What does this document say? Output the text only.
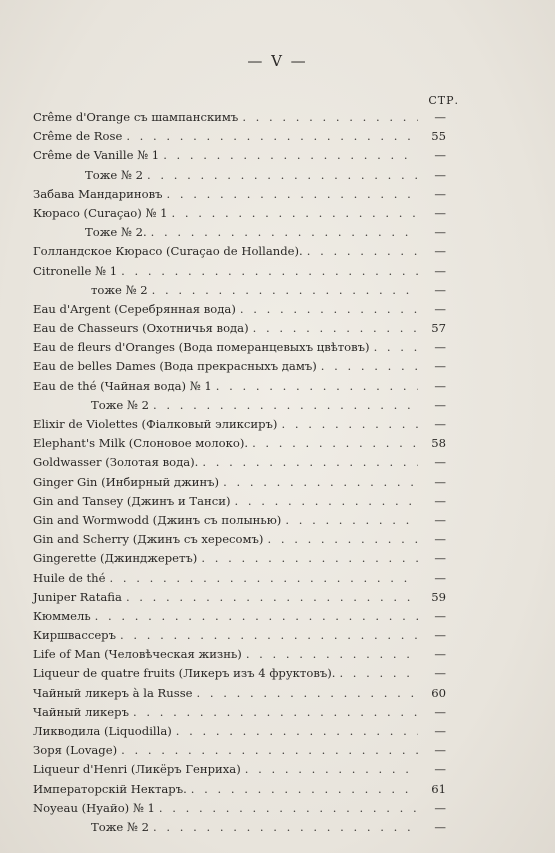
— V —
СТР.
Crême d'Orange съ шампанскимъ . . .	—
Crême de Rose . . .	55
Crême de Vanille № 1 . . .	—
Тоже № 2 . . .	—
Забава Мандариновъ . . .	—
Кюрасо (Curaçao) № 1 . . .	—
Тоже № 2. . . .	—
Голландское Кюрасо (Curaçao de Hollande). . . .	—
Citronelle № 1 . . .	—
тоже № 2 . . .	—
Eau d'Argent (Серебрянная вода) . . .	—
Eau de Chasseurs (Охотничья вода) . . .	57
Eau de fleurs d'Oranges (Вода померанцевыхъ цвѣтовъ) . . .	—
Eau de belles Dames (Вода прекрасныхъ дамъ) . . .	—
Eau de thé (Чайная вода) № 1 . . .	—
Тоже № 2 . . .	—
Elixir de Violettes (Фіалковый эликсиръ) . . .	—
Elephant's Milk (Слоновое молоко). . . .	58
Goldwasser (Золотая вода). . . .	—
Ginger Gin (Инбирный джинъ) . . .	—
Gin and Tansey (Джинъ и Танси) . . .	—
Gin and Wormwodd (Джинъ съ полынью) . . .	—
Gin and Scherry (Джинъ съ хересомъ) . . .	—
Gingerette (Джинджеретъ) . . .	—
Huile de thé . . .	—
Juniper Ratafia . . .	59
Кюммель . . .	—
Киршвассеръ . . .	—
Life of Man (Человѣческая жизнь) . . .	—
Liqueur de quatre fruits (Ликеръ изъ 4 фруктовъ). . . .	—
Чайный ликеръ à la Russe . . .	60
Чайный ликеръ . . .	—
Ликводила (Liquodilla) . . .	—
Зоря (Lovage) . . .	—
Liqueur d'Henri (Ликёръ Генриха) . . .	—
Императорскій Нектаръ. . . .	61
Noyeau (Нуайо) № 1 . . .	—
Тоже № 2 . . .	—
